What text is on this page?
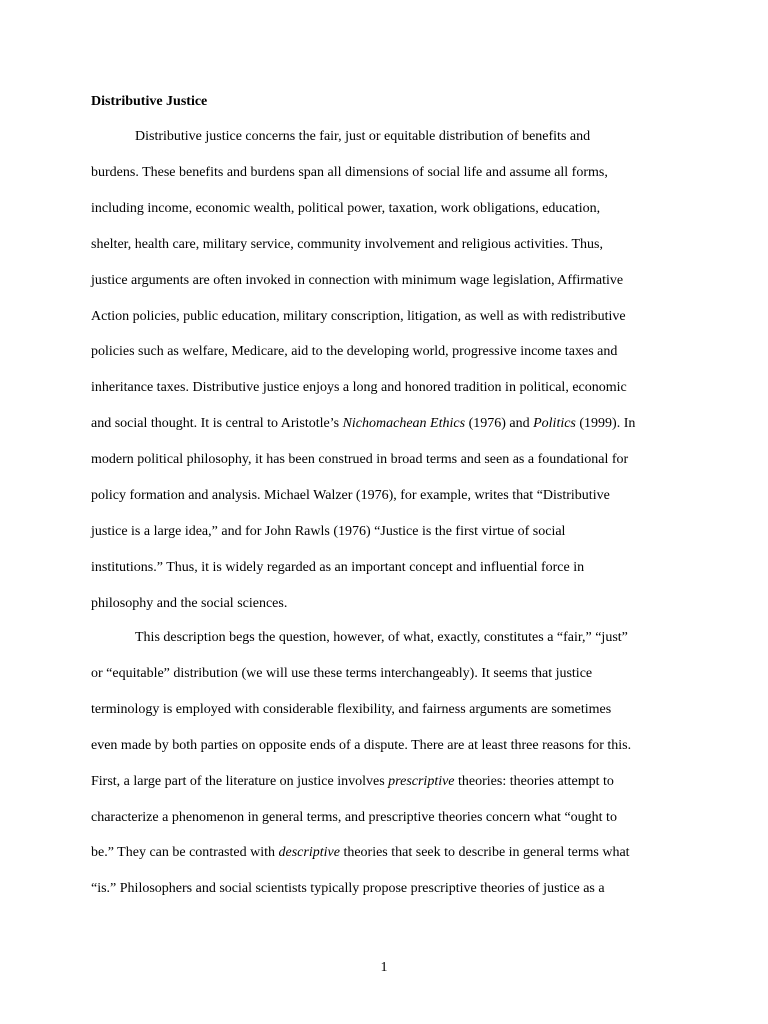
Distributive Justice
Distributive justice concerns the fair, just or equitable distribution of benefits and
burdens. These benefits and burdens span all dimensions of social life and assume all forms,
including income, economic wealth, political power, taxation, work obligations, education,
shelter, health care, military service, community involvement and religious activities. Thus,
justice arguments are often invoked in connection with minimum wage legislation, Affirmative
Action policies, public education, military conscription, litigation, as well as with redistributive
policies such as welfare, Medicare, aid to the developing world, progressive income taxes and
inheritance taxes. Distributive justice enjoys a long and honored tradition in political, economic
and social thought. It is central to Aristotle’s Nichomachean Ethics (1976) and Politics (1999). In
modern political philosophy, it has been construed in broad terms and seen as a foundational for
policy formation and analysis. Michael Walzer (1976), for example, writes that “Distributive
justice is a large idea,” and for John Rawls (1976) “Justice is the first virtue of social
institutions.” Thus, it is widely regarded as an important concept and influential force in
philosophy and the social sciences.
This description begs the question, however, of what, exactly, constitutes a “fair,” “just”
or “equitable” distribution (we will use these terms interchangeably). It seems that justice
terminology is employed with considerable flexibility, and fairness arguments are sometimes
even made by both parties on opposite ends of a dispute. There are at least three reasons for this.
First, a large part of the literature on justice involves prescriptive theories: theories attempt to
characterize a phenomenon in general terms, and prescriptive theories concern what “ought to
be.” They can be contrasted with descriptive theories that seek to describe in general terms what
“is.” Philosophers and social scientists typically propose prescriptive theories of justice as a
1
